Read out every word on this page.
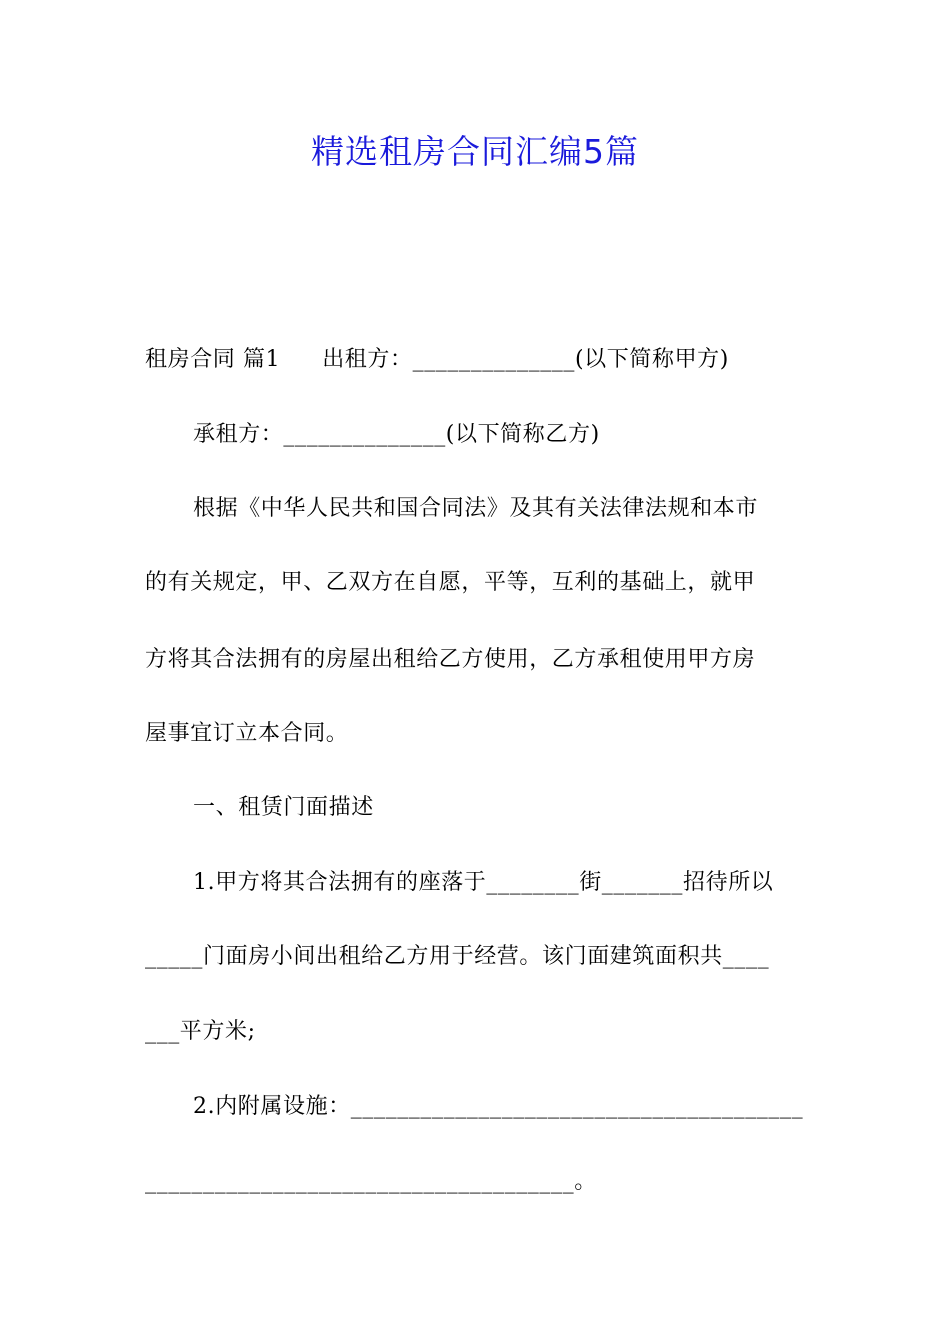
精选租房合同汇编5篇
租房合同 篇1 出租方：______________(以下简称甲方)
承租方：______________(以下简称乙方)
根据《中华人民共和国合同法》及其有关法律法规和本市
的有关规定，甲、乙双方在自愿，平等，互利的基础上，就甲
方将其合法拥有的房屋出租给乙方使用，乙方承租使用甲方房
屋事宜订立本合同。
一、租赁门面描述
1.甲方将其合法拥有的座落于________街_______招待所以
_____门面房小间出租给乙方用于经营。该门面建筑面积共____
___平方米;
2.内附属设施：_______________________________________
_____________________________________。
